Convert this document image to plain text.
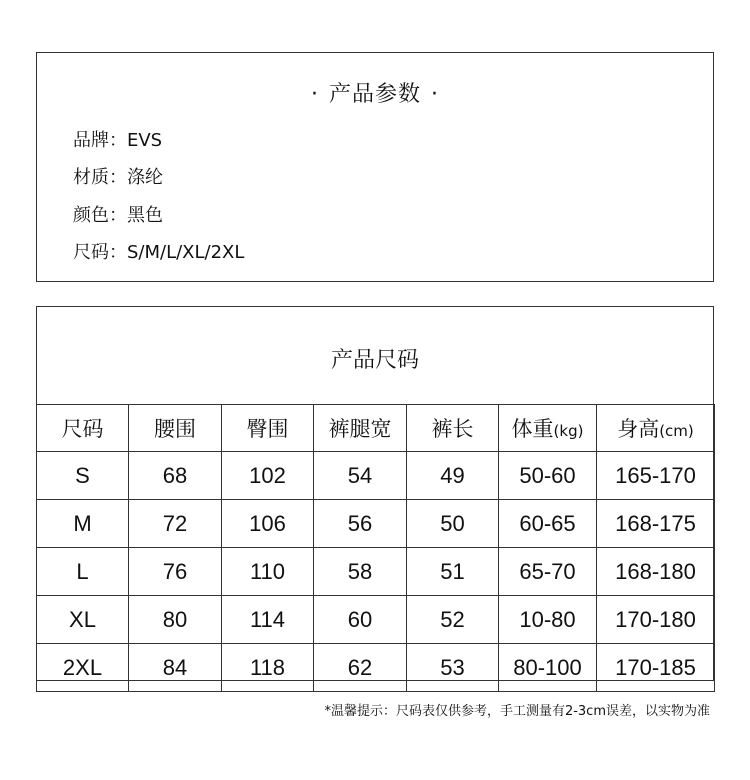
· 产品参数 ·
品牌：EVS
材质：涤纶
颜色：黑色
尺码：S/M/L/XL/2XL
产品尺码
尺码	腰围	臀围	裤腿宽	裤长	体重(kg)	身高(cm)
S	68	102	54	49	50-60	165-170
M	72	106	56	50	60-65	168-175
L	76	110	58	51	65-70	168-180
XL	80	114	60	52	10-80	170-180
2XL	84	118	62	53	80-100	170-185
*温馨提示：尺码表仅供参考，手工测量有2-3cm误差，以实物为准
